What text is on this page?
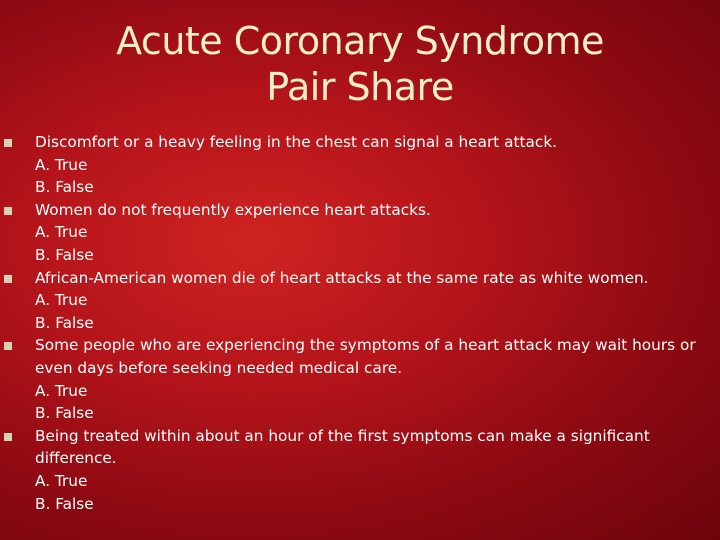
Acute Coronary Syndrome
Pair Share
Discomfort or a heavy feeling in the chest can signal a heart attack.
A. True
B. False
Women do not frequently experience heart attacks.
A. True
B. False
African-American women die of heart attacks at the same rate as white women.
A. True
B. False
Some people who are experiencing the symptoms of a heart attack may wait hours or even days before seeking needed medical care.
A. True
B. False
Being treated within about an hour of the first symptoms can make a significant difference.
A. True
B. False
